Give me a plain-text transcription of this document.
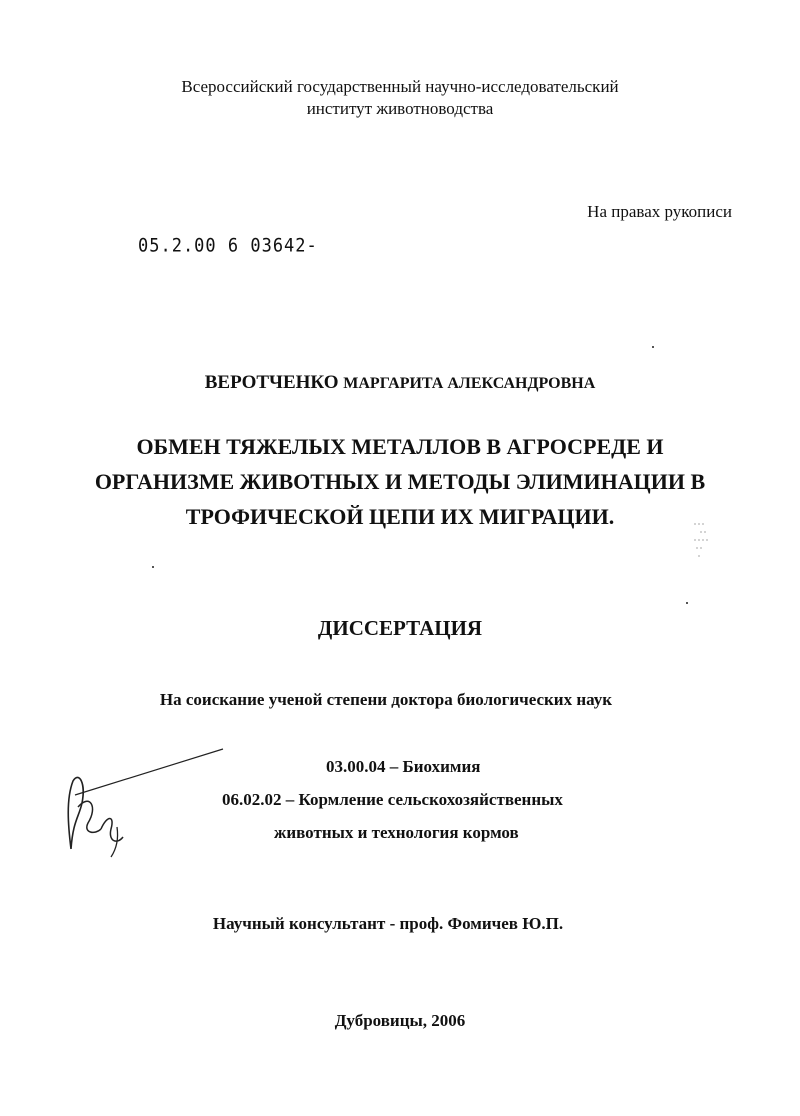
Всероссийский государственный научно-исследовательский
институт животноводства
На правах рукописи
05.2.00 6 03642-
ВЕРОТЧЕНКО МАРГАРИТА АЛЕКСАНДРОВНА
ОБМЕН ТЯЖЕЛЫХ МЕТАЛЛОВ В АГРОСРЕДЕ И
ОРГАНИЗМЕ ЖИВОТНЫХ И МЕТОДЫ ЭЛИМИНАЦИИ В
ТРОФИЧЕСКОЙ ЦЕПИ ИХ МИГРАЦИИ.
ДИССЕРТАЦИЯ
На соискание ученой степени доктора биологических наук
03.00.04 – Биохимия
06.02.02 – Кормление сельскохозяйственных
животных и технология кормов
Научный консультант - проф. Фомичев Ю.П.
Дубровицы, 2006
